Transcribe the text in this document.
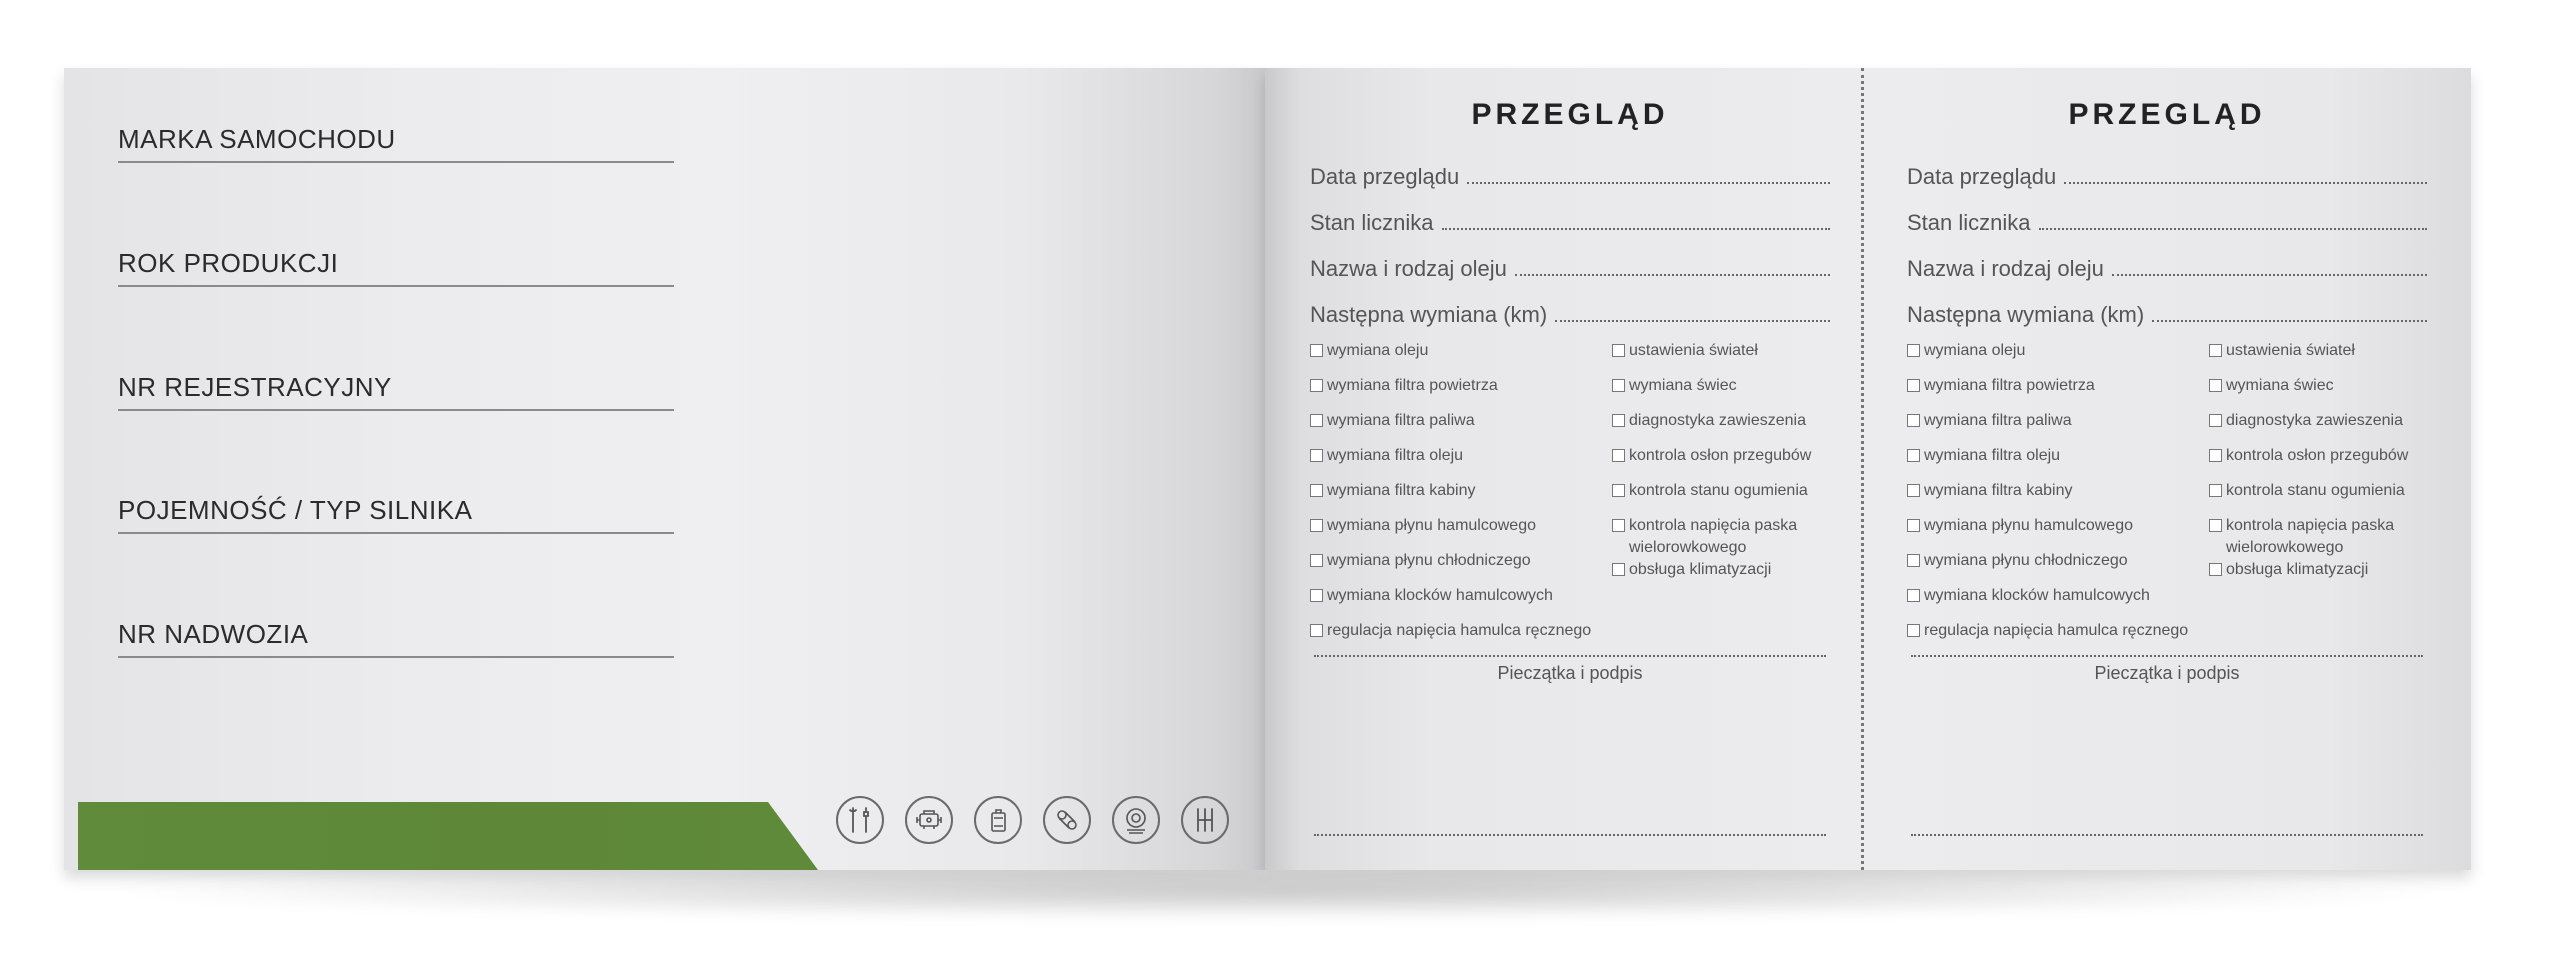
MARKA SAMOCHODU
ROK PRODUKCJI
NR REJESTRACYJNY
POJEMNOŚĆ / TYP SILNIKA
NR NADWOZIA
PRZEGLĄD
Data przeglądu
Stan licznika
Nazwa i rodzaj oleju
Następna wymiana (km)
wymiana oleju
wymiana filtra powietrza
wymiana filtra paliwa
wymiana filtra oleju
wymiana filtra kabiny
wymiana płynu hamulcowego
wymiana płynu chłodniczego
wymiana klocków hamulcowych
regulacja napięcia hamulca ręcznego
ustawienia świateł
wymiana świec
diagnostyka zawieszenia
kontrola osłon przegubów
kontrola stanu ogumienia
kontrola napięcia paska wielorowkowego
obsługa klimatyzacji
Pieczątka i podpis
PRZEGLĄD
Data przeglądu
Stan licznika
Nazwa i rodzaj oleju
Następna wymiana (km)
wymiana oleju
wymiana filtra powietrza
wymiana filtra paliwa
wymiana filtra oleju
wymiana filtra kabiny
wymiana płynu hamulcowego
wymiana płynu chłodniczego
wymiana klocków hamulcowych
regulacja napięcia hamulca ręcznego
ustawienia świateł
wymiana świec
diagnostyka zawieszenia
kontrola osłon przegubów
kontrola stanu ogumienia
kontrola napięcia paska wielorowkowego
obsługa klimatyzacji
Pieczątka i podpis
